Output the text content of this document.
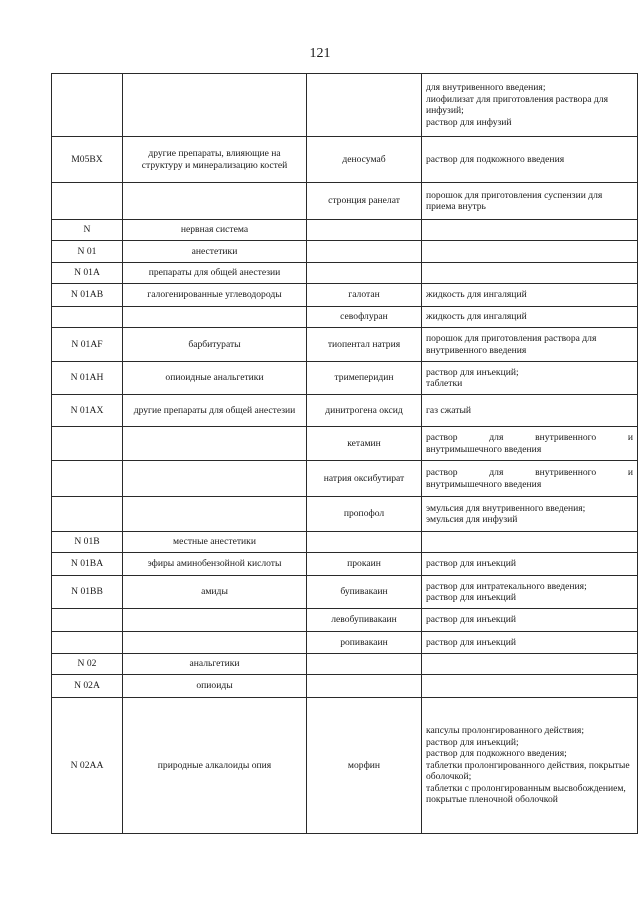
121

			для внутривенного введения;
лиофилизат для приготовления раствора для инфузий;
раствор для инфузий

M05BX	другие препараты, влияющие на структуру и минерализацию костей	деносумаб	раствор для подкожного введения

		стронция ранелат	порошок для приготовления суспензии для приема внутрь

N	нервная система		
N 01	анестетики		
N 01A	препараты для общей анестезии		
N 01AB	галогенированные углеводороды	галотан	жидкость для ингаляций

		севофлуран	жидкость для ингаляций

N 01AF	барбитураты	тиопентал натрия	порошок для приготовления раствора для внутривенного введения

N 01AH	опиоидные анальгетики	тримеперидин	раствор для инъекций;
таблетки

N 01AX	другие препараты для общей анестезии	динитрогена оксид	газ сжатый

		кетамин	раствор для внутривенного и
внутримышечного введения

		натрия оксибутират	раствор для внутривенного и
внутримышечного введения

		пропофол	эмульсия для внутривенного введения;
эмульсия для инфузий

N 01B	местные анестетики		
N 01BA	эфиры аминобензойной кислоты	прокаин	раствор для инъекций

N 01BB	амиды	бупивакаин	раствор для интратекального введения;
раствор для инъекций

		левобупивакаин	раствор для инъекций

		ропивакаин	раствор для инъекций

N 02	анальгетики		
N 02A	опиоиды		
N 02AA	природные алкалоиды опия	морфин	капсулы пролонгированного действия;
раствор для инъекций;
раствор для подкожного введения;
таблетки пролонгированного действия, покрытые оболочкой;
таблетки с пролонгированным высвобождением, покрытые пленочной оболочкой
